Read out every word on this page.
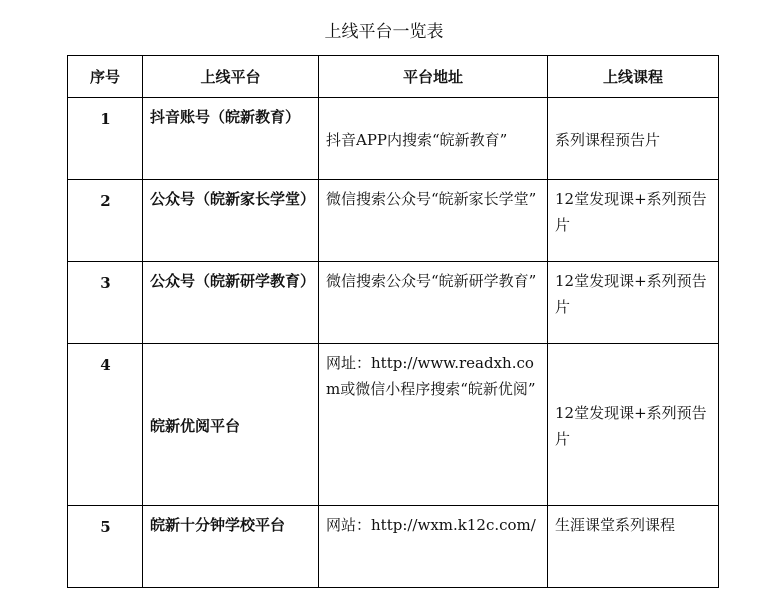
上线平台一览表
序号	上线平台	平台地址	上线课程
1	抖音账号（皖新教育）	抖音APP内搜索“皖新教育”	系列课程预告片
2	公众号（皖新家长学堂）	微信搜索公众号“皖新家长学堂”	12堂发现课+系列预告片
3	公众号（皖新研学教育）	微信搜索公众号“皖新研学教育”	12堂发现课+系列预告片
4	皖新优阅平台	网址：http://www.readxh.com或微信小程序搜索“皖新优阅”	12堂发现课+系列预告片
5	皖新十分钟学校平台	网站：http://wxm.k12c.com/	生涯课堂系列课程
